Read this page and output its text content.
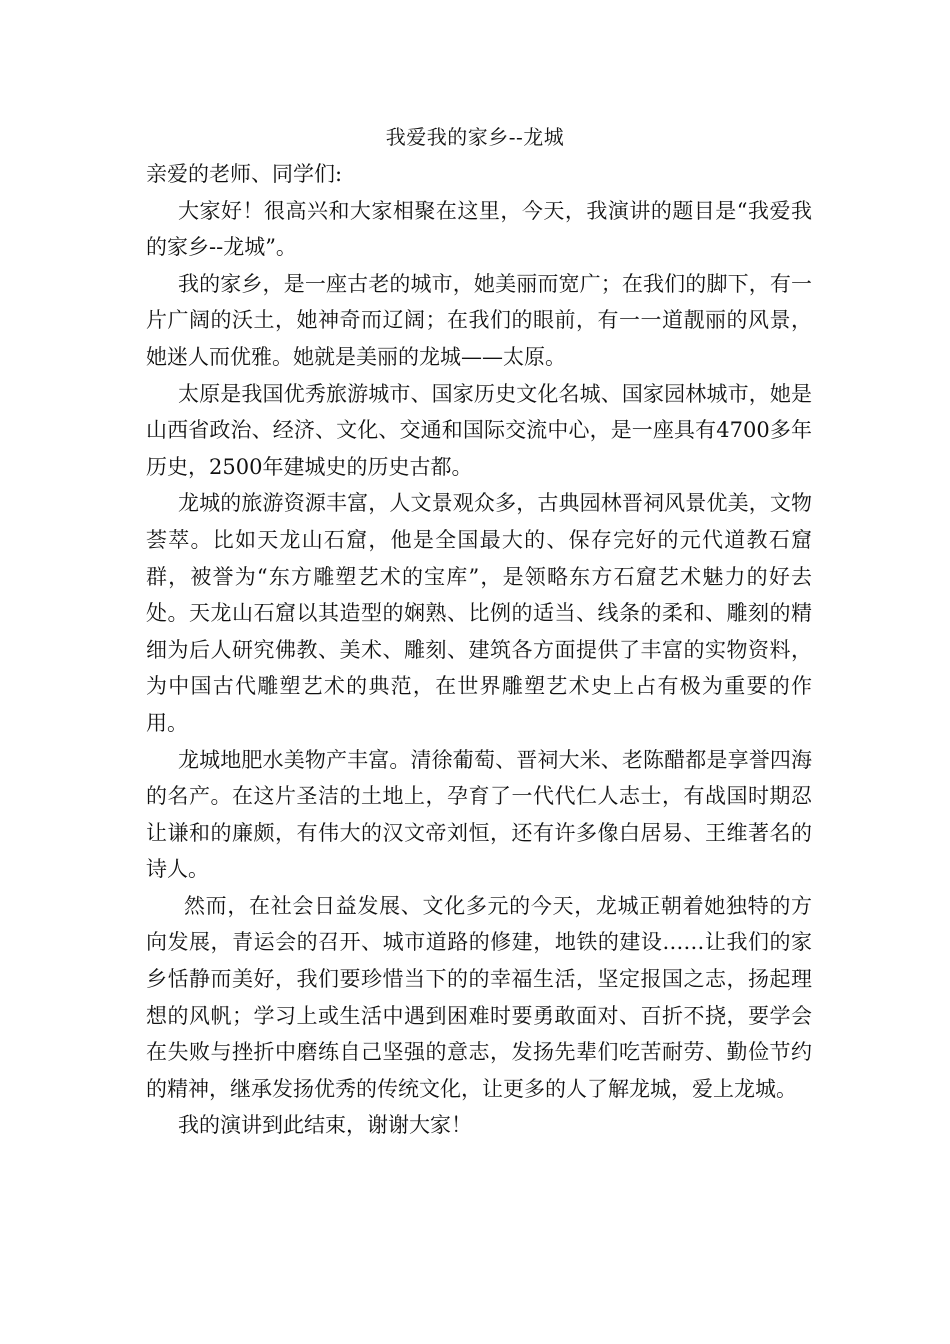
我爱我的家乡--龙城

亲爱的老师、同学们:

大家好！很高兴和大家相聚在这里，今天，我演讲的题目是“我爱我的家乡--龙城”。

我的家乡，是一座古老的城市，她美丽而宽广；在我们的脚下，有一片广阔的沃土，她神奇而辽阔；在我们的眼前，有一一道靓丽的风景，她迷人而优雅。她就是美丽的龙城——太原。

太原是我国优秀旅游城市、国家历史文化名城、国家园林城市，她是山西省政治、经济、文化、交通和国际交流中心，是一座具有4700多年历史，2500年建城史的历史古都。

龙城的旅游资源丰富，人文景观众多，古典园林晋祠风景优美，文物荟萃。比如天龙山石窟，他是全国最大的、保存完好的元代道教石窟群，被誉为“东方雕塑艺术的宝库”，是领略东方石窟艺术魅力的好去处。天龙山石窟以其造型的娴熟、比例的适当、线条的柔和、雕刻的精细为后人研究佛教、美术、雕刻、建筑各方面提供了丰富的实物资料，为中国古代雕塑艺术的典范，在世界雕塑艺术史上占有极为重要的作用。

龙城地肥水美物产丰富。清徐葡萄、晋祠大米、老陈醋都是享誉四海的名产。在这片圣洁的土地上，孕育了一代代仁人志士，有战国时期忍让谦和的廉颇，有伟大的汉文帝刘恒，还有许多像白居易、王维著名的诗人。

然而，在社会日益发展、文化多元的今天，龙城正朝着她独特的方向发展，青运会的召开、城市道路的修建，地铁的建设……让我们的家乡恬静而美好，我们要珍惜当下的的幸福生活，坚定报国之志，扬起理想的风帆；学习上或生活中遇到困难时要勇敢面对、百折不挠，要学会在失败与挫折中磨练自己坚强的意志，发扬先辈们吃苦耐劳、勤俭节约的精神，继承发扬优秀的传统文化，让更多的人了解龙城，爱上龙城。

我的演讲到此结束，谢谢大家！
